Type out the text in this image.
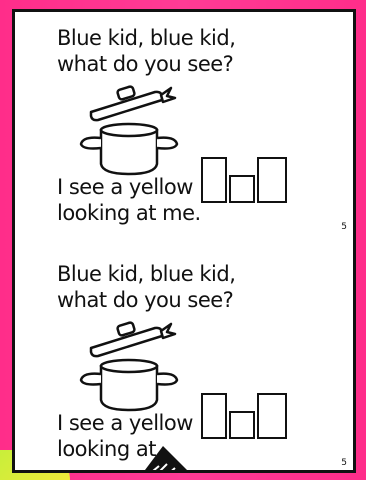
Blue kid, blue kid,
what do you see?
I see a yellow
looking at me.
5
Blue kid, blue kid,
what do you see?
I see a yellow
looking at
5
